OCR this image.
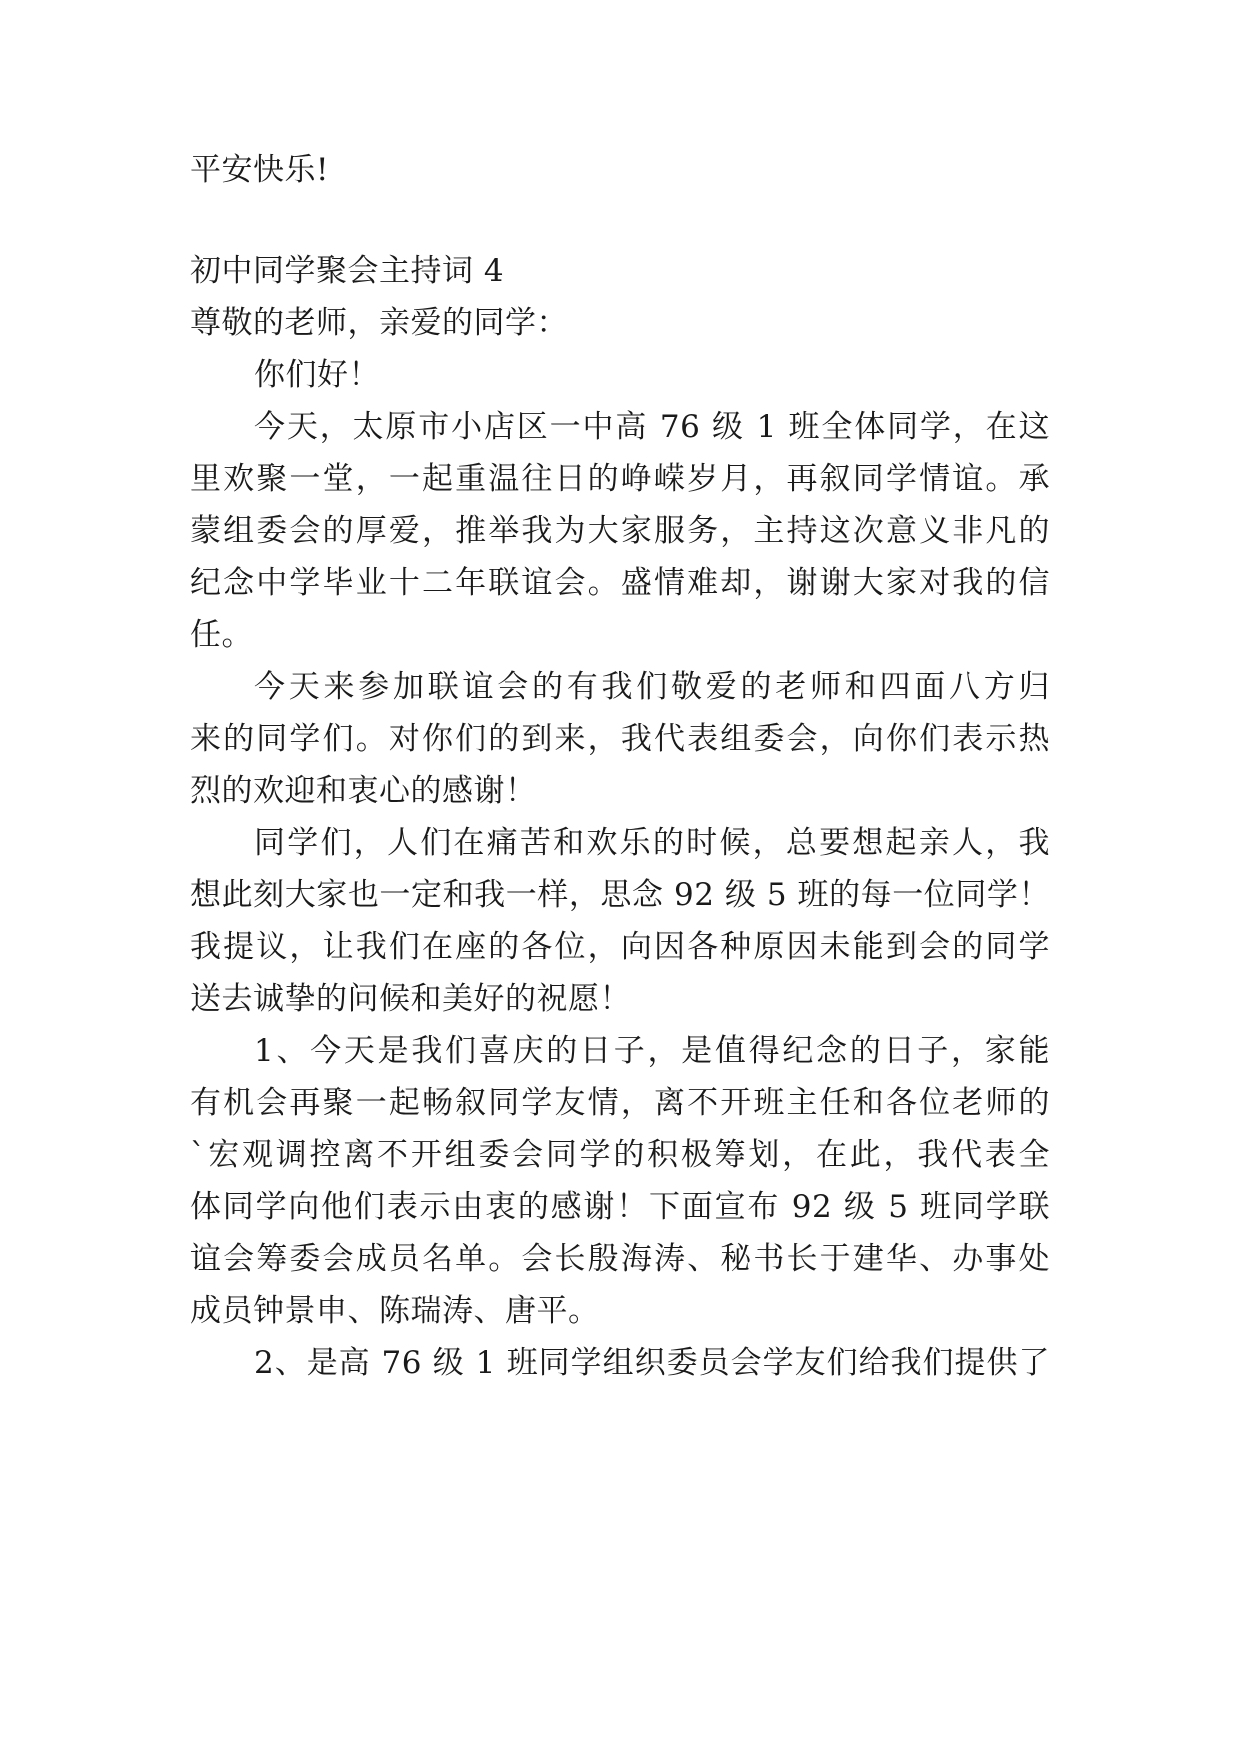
平安快乐!
初中同学聚会主持词 4
尊敬的老师，亲爱的同学：
你们好！
今天，太原市小店区一中高 76 级 1 班全体同学，在这
里欢聚一堂，一起重温往日的峥嵘岁月，再叙同学情谊。承
蒙组委会的厚爱，推举我为大家服务，主持这次意义非凡的
纪念中学毕业十二年联谊会。盛情难却，谢谢大家对我的信
任。
今天来参加联谊会的有我们敬爱的老师和四面八方归
来的同学们。对你们的到来，我代表组委会，向你们表示热
烈的欢迎和衷心的感谢！
同学们，人们在痛苦和欢乐的时候，总要想起亲人，我
想此刻大家也一定和我一样，思念 92 级 5 班的每一位同学！
我提议，让我们在座的各位，向因各种原因未能到会的同学
送去诚挚的问候和美好的祝愿！
1、今天是我们喜庆的日子，是值得纪念的日子，家能
有机会再聚一起畅叙同学友情，离不开班主任和各位老师的
`宏观调控离不开组委会同学的积极筹划，在此，我代表全
体同学向他们表示由衷的感谢！下面宣布 92 级 5 班同学联
谊会筹委会成员名单。会长殷海涛、秘书长于建华、办事处
成员钟景申、陈瑞涛、唐平。
2、是高 76 级 1 班同学组织委员会学友们给我们提供了
